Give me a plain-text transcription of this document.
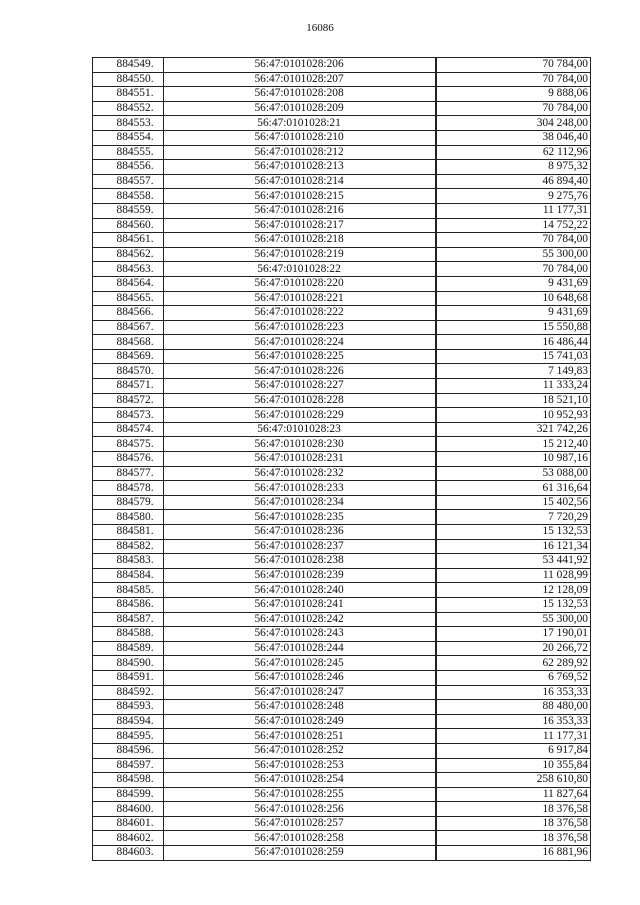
16086
884549.	56:47:0101028:206	70 784,00
884550.	56:47:0101028:207	70 784,00
884551.	56:47:0101028:208	9 888,06
884552.	56:47:0101028:209	70 784,00
884553.	56:47:0101028:21	304 248,00
884554.	56:47:0101028:210	38 046,40
884555.	56:47:0101028:212	62 112,96
884556.	56:47:0101028:213	8 975,32
884557.	56:47:0101028:214	46 894,40
884558.	56:47:0101028:215	9 275,76
884559.	56:47:0101028:216	11 177,31
884560.	56:47:0101028:217	14 752,22
884561.	56:47:0101028:218	70 784,00
884562.	56:47:0101028:219	55 300,00
884563.	56:47:0101028:22	70 784,00
884564.	56:47:0101028:220	9 431,69
884565.	56:47:0101028:221	10 648,68
884566.	56:47:0101028:222	9 431,69
884567.	56:47:0101028:223	15 550,88
884568.	56:47:0101028:224	16 486,44
884569.	56:47:0101028:225	15 741,03
884570.	56:47:0101028:226	7 149,83
884571.	56:47:0101028:227	11 333,24
884572.	56:47:0101028:228	18 521,10
884573.	56:47:0101028:229	10 952,93
884574.	56:47:0101028:23	321 742,26
884575.	56:47:0101028:230	15 212,40
884576.	56:47:0101028:231	10 987,16
884577.	56:47:0101028:232	53 088,00
884578.	56:47:0101028:233	61 316,64
884579.	56:47:0101028:234	15 402,56
884580.	56:47:0101028:235	7 720,29
884581.	56:47:0101028:236	15 132,53
884582.	56:47:0101028:237	16 121,34
884583.	56:47:0101028:238	53 441,92
884584.	56:47:0101028:239	11 028,99
884585.	56:47:0101028:240	12 128,09
884586.	56:47:0101028:241	15 132,53
884587.	56:47:0101028:242	55 300,00
884588.	56:47:0101028:243	17 190,01
884589.	56:47:0101028:244	20 266,72
884590.	56:47:0101028:245	62 289,92
884591.	56:47:0101028:246	6 769,52
884592.	56:47:0101028:247	16 353,33
884593.	56:47:0101028:248	88 480,00
884594.	56:47:0101028:249	16 353,33
884595.	56:47:0101028:251	11 177,31
884596.	56:47:0101028:252	6 917,84
884597.	56:47:0101028:253	10 355,84
884598.	56:47:0101028:254	258 610,80
884599.	56:47:0101028:255	11 827,64
884600.	56:47:0101028:256	18 376,58
884601.	56:47:0101028:257	18 376,58
884602.	56:47:0101028:258	18 376,58
884603.	56:47:0101028:259	16 881,96
